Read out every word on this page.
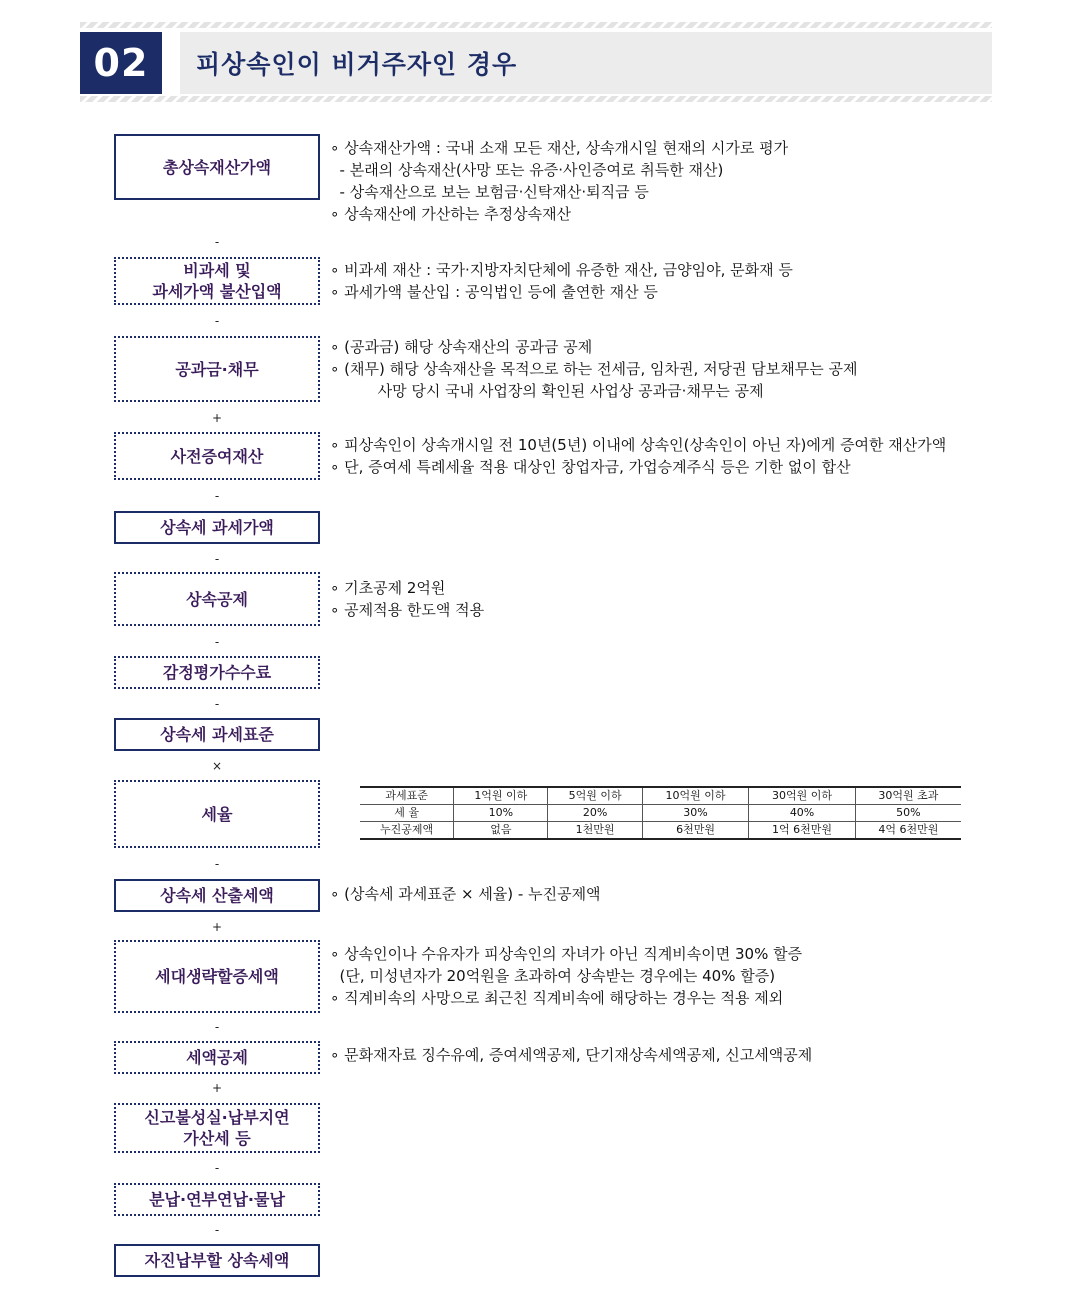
02	피상속인이 비거주자인 경우
총상속재산가액
-
∘ 상속재산가액 : 국내 소재 모든 재산, 상속개시일 현재의 시가로 평가
- 본래의 상속재산(사망 또는 유증·사인증여로 취득한 재산)
- 상속재산으로 보는 보험금·신탁재산·퇴직금 등
∘ 상속재산에 가산하는 추정상속재산
비과세 및
과세가액 불산입액
-
∘ 비과세 재산 : 국가·지방자치단체에 유증한 재산, 금양임야, 문화재 등
∘ 과세가액 불산입 : 공익법인 등에 출연한 재산 등
공과금·채무
+
∘ (공과금) 해당 상속재산의 공과금 공제
∘ (채무) 해당 상속재산을 목적으로 하는 전세금, 임차권, 저당권 담보채무는 공제
사망 당시 국내 사업장의 확인된 사업상 공과금·채무는 공제
사전증여재산
-
∘ 피상속인이 상속개시일 전 10년(5년) 이내에 상속인(상속인이 아닌 자)에게 증여한 재산가액
∘ 단, 증여세 특례세율 적용 대상인 창업자금, 가업승계주식 등은 기한 없이 합산
상속세 과세가액
-
상속공제
-
∘ 기초공제 2억원
∘ 공제적용 한도액 적용
감정평가수수료
-
상속세 과세표준
×
세율
-
상속세 산출세액
+
∘ (상속세 과세표준 × 세율) - 누진공제액
세대생략할증세액
-
∘ 상속인이나 수유자가 피상속인의 자녀가 아닌 직계비속이면 30% 할증
(단, 미성년자가 20억원을 초과하여 상속받는 경우에는 40% 할증)
∘ 직계비속의 사망으로 최근친 직계비속에 해당하는 경우는 적용 제외
세액공제
+
∘ 문화재자료 징수유예, 증여세액공제, 단기재상속세액공제, 신고세액공제
신고불성실·납부지연
가산세 등
-
분납·연부연납·물납
-
자진납부할 상속세액
과세표준	1억원 이하	5억원 이하	10억원 이하	30억원 이하	30억원 초과
세 율	10%	20%	30%	40%	50%
누진공제액	없음	1천만원	6천만원	1억 6천만원	4억 6천만원
